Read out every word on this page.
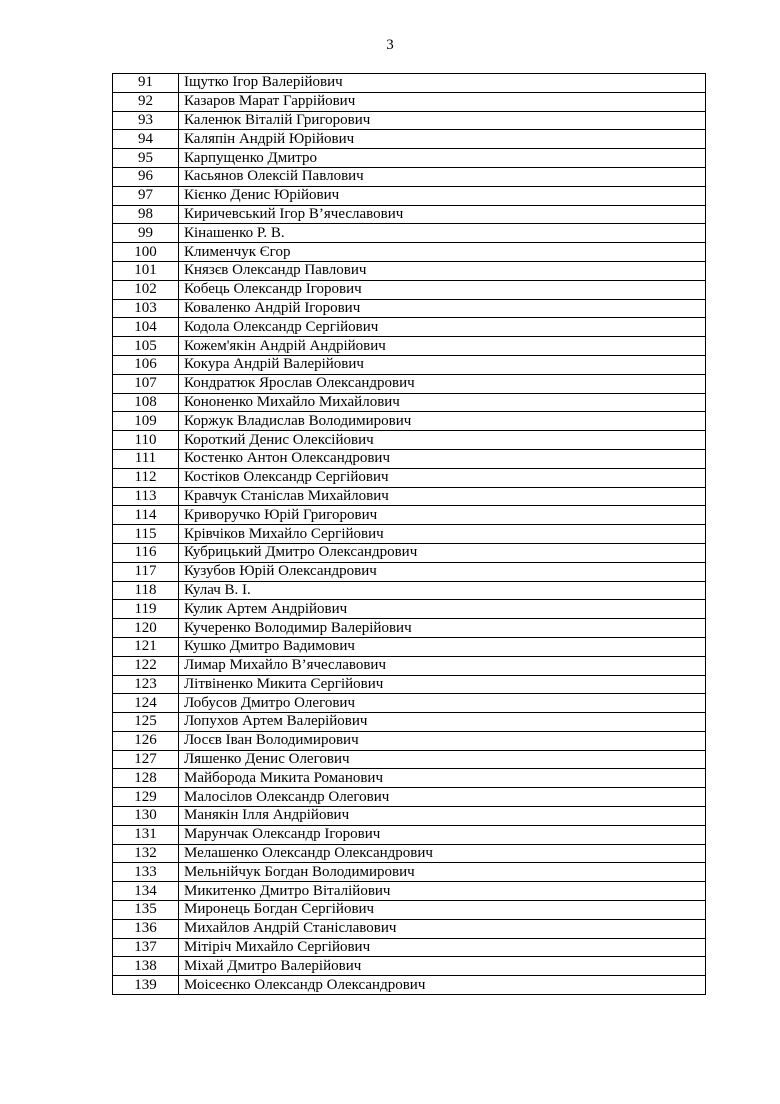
3
91	Іщутко Ігор Валерійович
92	Казаров Марат Гаррійович
93	Каленюк Віталій Григорович
94	Каляпін Андрій Юрійович
95	Карпущенко Дмитро
96	Касьянов Олексій Павлович
97	Кієнко Денис Юрійович
98	Киричевський Ігор В’ячеславович
99	Кінашенко Р. В.
100	Клименчук Єгор
101	Князєв Олександр Павлович
102	Кобець Олександр Ігорович
103	Коваленко Андрій Ігорович
104	Кодола Олександр Сергійович
105	Кожем'якін Андрій Андрійович
106	Кокура Андрій Валерійович
107	Кондратюк Ярослав Олександрович
108	Кононенко Михайло Михайлович
109	Коржук Владислав Володимирович
110	Короткий Денис Олексійович
111	Костенко Антон Олександрович
112	Костіков Олександр Сергійович
113	Кравчук Станіслав Михайлович
114	Криворучко Юрій Григорович
115	Крівчіков Михайло Сергійович
116	Кубрицький Дмитро Олександрович
117	Кузубов Юрій Олександрович
118	Кулач В. І.
119	Кулик Артем Андрійович
120	Кучеренко Володимир Валерійович
121	Кушко Дмитро Вадимович
122	Лимар Михайло В’ячеславович
123	Літвіненко Микита Сергійович
124	Лобусов Дмитро Олегович
125	Лопухов Артем Валерійович
126	Лосєв Іван Володимирович
127	Ляшенко Денис Олегович
128	Майборода Микита Романович
129	Малосілов Олександр Олегович
130	Манякін Ілля Андрійович
131	Марунчак Олександр Ігорович
132	Мелашенко Олександр Олександрович
133	Мельнійчук Богдан Володимирович
134	Микитенко Дмитро Віталійович
135	Миронець Богдан Сергійович
136	Михайлов Андрій Станіславович
137	Мітіріч Михайло Сергійович
138	Міхай Дмитро Валерійович
139	Моісеєнко Олександр Олександрович
